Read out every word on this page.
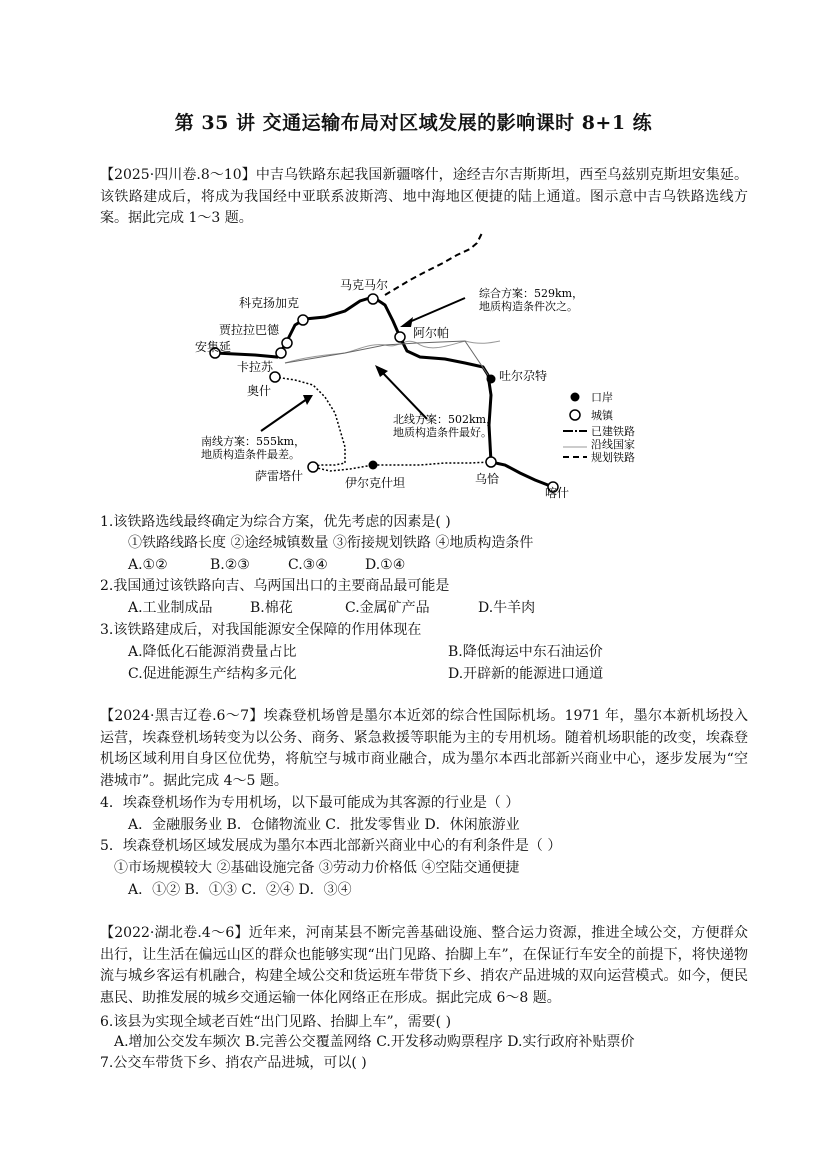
第 35 讲 交通运输布局对区域发展的影响课时 8+1 练
【2025·四川卷.8～10】中吉乌铁路东起我国新疆喀什，途经吉尔吉斯斯坦，西至乌兹别克斯坦安集延。该铁路建成后，将成为我国经中亚联系波斯湾、地中海地区便捷的陆上通道。图示意中吉乌铁路选线方案。据此完成 1～3 题。
马克马尔
科克扬加克
贾拉拉巴德
安集延
卡拉苏
奥什
阿尔帕
吐尔尕特
萨雷塔什	伊尔克什坦	乌恰
喀什
综合方案：529km，
地质构造条件次之。
北线方案：502km，
地质构造条件最好。
南线方案：555km，
地质构造条件最差。
口岸
城镇
已建铁路
沿线国家
规划铁路
1.该铁路选线最终确定为综合方案，优先考虑的因素是( )
①铁路线路长度 ②途经城镇数量 ③衔接规划铁路 ④地质构造条件
A.①②	B.②③	C.③④	D.①④
2.我国通过该铁路向吉、乌两国出口的主要商品最可能是
A.工业制成品	B.棉花	C.金属矿产品	D.牛羊肉
3.该铁路建成后，对我国能源安全保障的作用体现在
A.降低化石能源消费量占比	B.降低海运中东石油运价
C.促进能源生产结构多元化	D.开辟新的能源进口通道
【2024·黑吉辽卷.6～7】埃森登机场曾是墨尔本近郊的综合性国际机场。1971 年，墨尔本新机场投入运营，埃森登机场转变为以公务、商务、紧急救援等职能为主的专用机场。随着机场职能的改变，埃森登机场区域利用自身区位优势，将航空与城市商业融合，成为墨尔本西北部新兴商业中心，逐步发展为“空港城市”。据此完成 4～5 题。
4．埃森登机场作为专用机场，以下最可能成为其客源的行业是（ ）
A．金融服务业 B．仓储物流业 C．批发零售业 D．休闲旅游业
5．埃森登机场区域发展成为墨尔本西北部新兴商业中心的有利条件是（ ）
①市场规模较大 ②基础设施完备 ③劳动力价格低 ④空陆交通便捷
A．①② B．①③ C．②④ D．③④
【2022·湖北卷.4～6】近年来，河南某县不断完善基础设施、整合运力资源，推进全域公交，方便群众出行，让生活在偏远山区的群众也能够实现“出门见路、抬脚上车”，在保证行车安全的前提下，将快递物流与城乡客运有机融合，构建全域公交和货运班车带货下乡、捎农产品进城的双向运营模式。如今，便民惠民、助推发展的城乡交通运输一体化网络正在形成。据此完成 6～8 题。
6.该县为实现全域老百姓“出门见路、抬脚上车”，需要( )
A.增加公交发车频次 B.完善公交覆盖网络 C.开发移动购票程序 D.实行政府补贴票价
7.公交车带货下乡、捎农产品进城，可以( )
